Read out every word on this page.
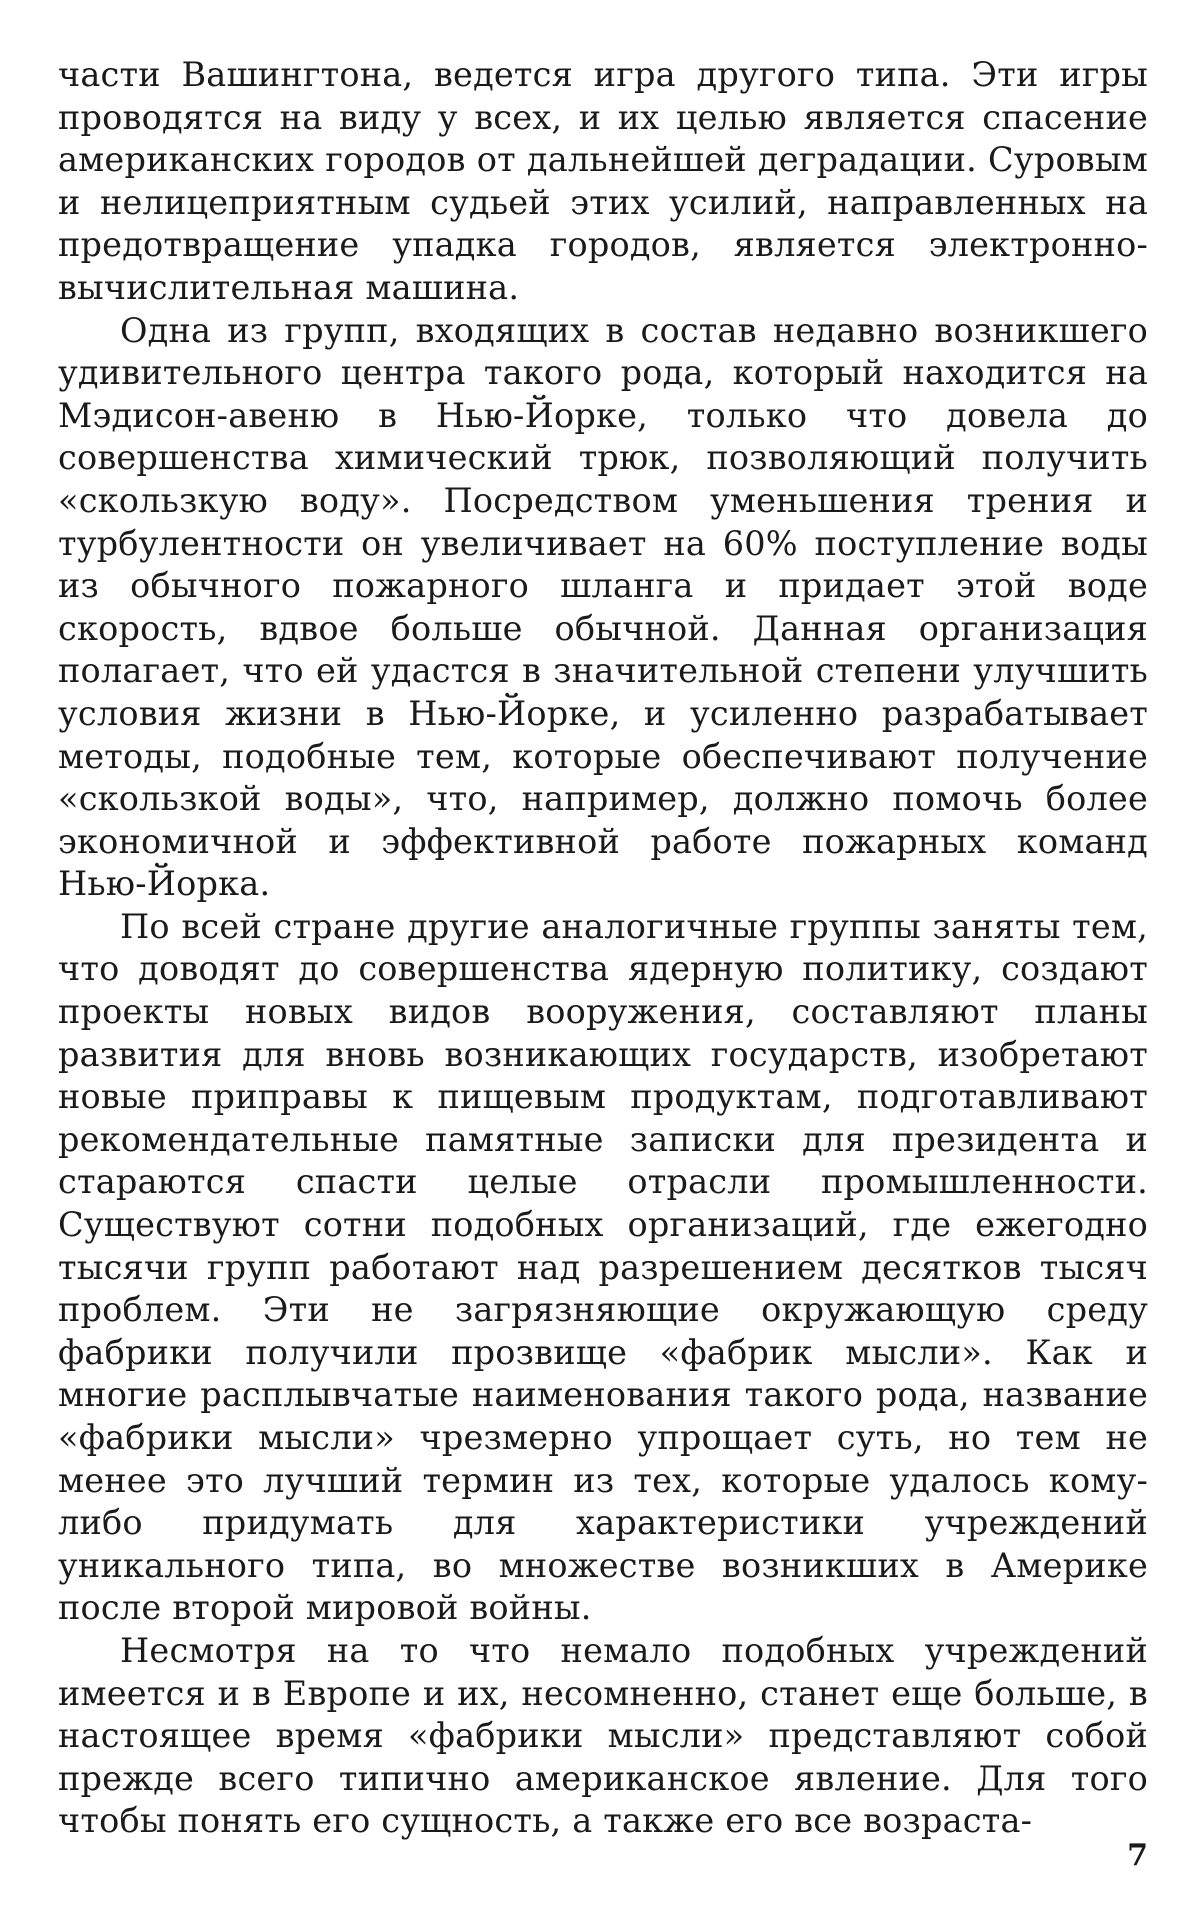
части Вашингтона, ведется игра другого типа. Эти игры проводятся на виду у всех, и их целью является спасение американских городов от дальнейшей деградации. Суровым и нелицеприятным судьей этих усилий, направленных на предотвращение упадка городов, является электронно-вычислительная машина.

Одна из групп, входящих в состав недавно возникшего удивительного центра такого рода, который находится на Мэдисон-авеню в Нью-Йорке, только что довела до совершенства химический трюк, позволяющий получить «скользкую воду». Посредством уменьшения трения и турбулентности он увеличивает на 60% поступление воды из обычного пожарного шланга и придает этой воде скорость, вдвое больше обычной. Данная организация полагает, что ей удастся в значительной степени улучшить условия жизни в Нью-Йорке, и усиленно разрабатывает методы, подобные тем, которые обеспечивают получение «скользкой воды», что, например, должно помочь более экономичной и эффективной работе пожарных команд Нью-Йорка.

По всей стране другие аналогичные группы заняты тем, что доводят до совершенства ядерную политику, создают проекты новых видов вооружения, составляют планы развития для вновь возникающих государств, изобретают новые приправы к пищевым продуктам, подготавливают рекомендательные памятные записки для президента и стараются спасти целые отрасли промышленности. Существуют сотни подобных организаций, где ежегодно тысячи групп работают над разрешением десятков тысяч проблем. Эти не загрязняющие окружающую среду фабрики получили прозвище «фабрик мысли». Как и многие расплывчатые наименования такого рода, название «фабрики мысли» чрезмерно упрощает суть, но тем не менее это лучший термин из тех, которые удалось кому-либо придумать для характеристики учреждений уникального типа, во множестве возникших в Америке после второй мировой войны.

Несмотря на то что немало подобных учреждений имеется и в Европе и их, несомненно, станет еще больше, в настоящее время «фабрики мысли» представляют собой прежде всего типично американское явление. Для того чтобы понять его сущность, а также его все возраста-

7
